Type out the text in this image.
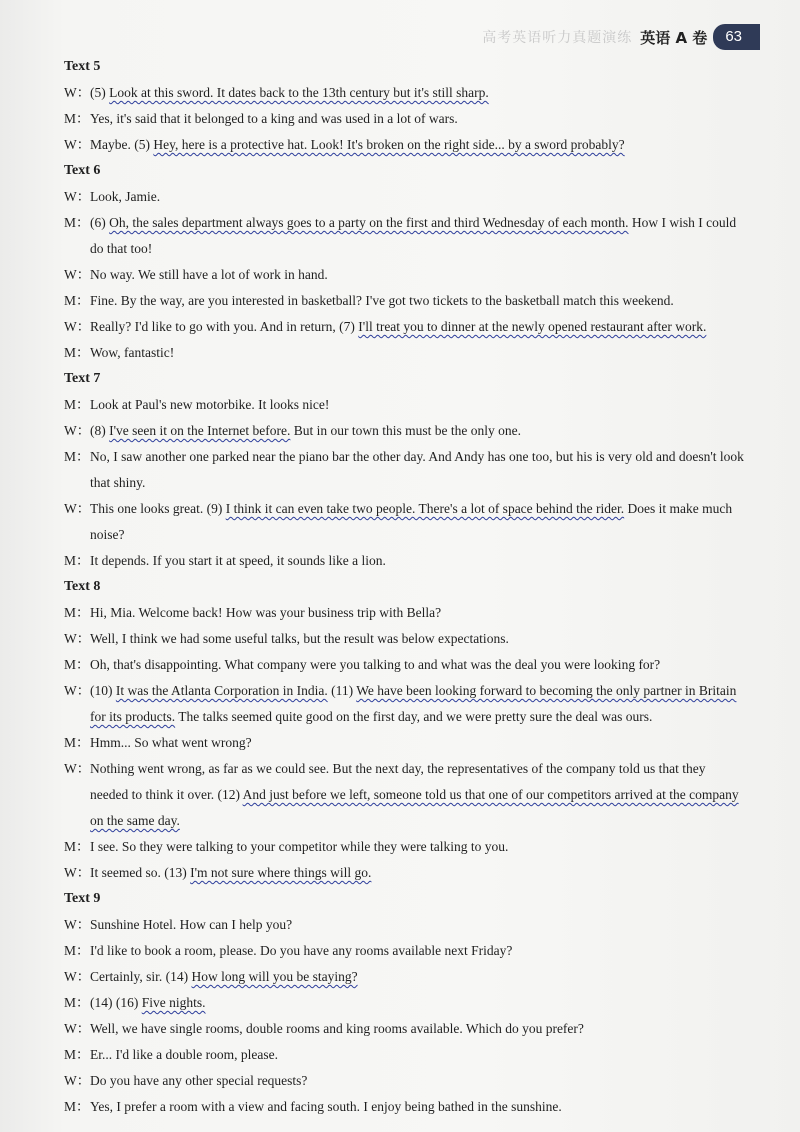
高考英语听力真题演练 英语 A 卷	63
Text 5
W： (5) Look at this sword. It dates back to the 13th century but it's still sharp.
M： Yes, it's said that it belonged to a king and was used in a lot of wars.
W： Maybe. (5) Hey, here is a protective hat. Look! It's broken on the right side... by a sword probably?
Text 6
W： Look, Jamie.
M： (6) Oh, the sales department always goes to a party on the first and third Wednesday of each month. How I wish I could do that too!
W： No way. We still have a lot of work in hand.
M： Fine. By the way, are you interested in basketball? I've got two tickets to the basketball match this weekend.
W： Really? I'd like to go with you. And in return, (7) I'll treat you to dinner at the newly opened restaurant after work.
M： Wow, fantastic!
Text 7
M： Look at Paul's new motorbike. It looks nice!
W： (8) I've seen it on the Internet before. But in our town this must be the only one.
M： No, I saw another one parked near the piano bar the other day. And Andy has one too, but his is very old and doesn't look that shiny.
W： This one looks great. (9) I think it can even take two people. There's a lot of space behind the rider. Does it make much noise?
M： It depends. If you start it at speed, it sounds like a lion.
Text 8
M： Hi, Mia. Welcome back! How was your business trip with Bella?
W： Well, I think we had some useful talks, but the result was below expectations.
M： Oh, that's disappointing. What company were you talking to and what was the deal you were looking for?
W： (10) It was the Atlanta Corporation in India. (11) We have been looking forward to becoming the only partner in Britain for its products. The talks seemed quite good on the first day, and we were pretty sure the deal was ours.
M： Hmm... So what went wrong?
W： Nothing went wrong, as far as we could see. But the next day, the representatives of the company told us that they needed to think it over. (12) And just before we left, someone told us that one of our competitors arrived at the company on the same day.
M： I see. So they were talking to your competitor while they were talking to you.
W： It seemed so. (13) I'm not sure where things will go.
Text 9
W： Sunshine Hotel. How can I help you?
M： I'd like to book a room, please. Do you have any rooms available next Friday?
W： Certainly, sir. (14) How long will you be staying?
M： (14) (16) Five nights.
W： Well, we have single rooms, double rooms and king rooms available. Which do you prefer?
M： Er... I'd like a double room, please.
W： Do you have any other special requests?
M： Yes, I prefer a room with a view and facing south. I enjoy being bathed in the sunshine.
